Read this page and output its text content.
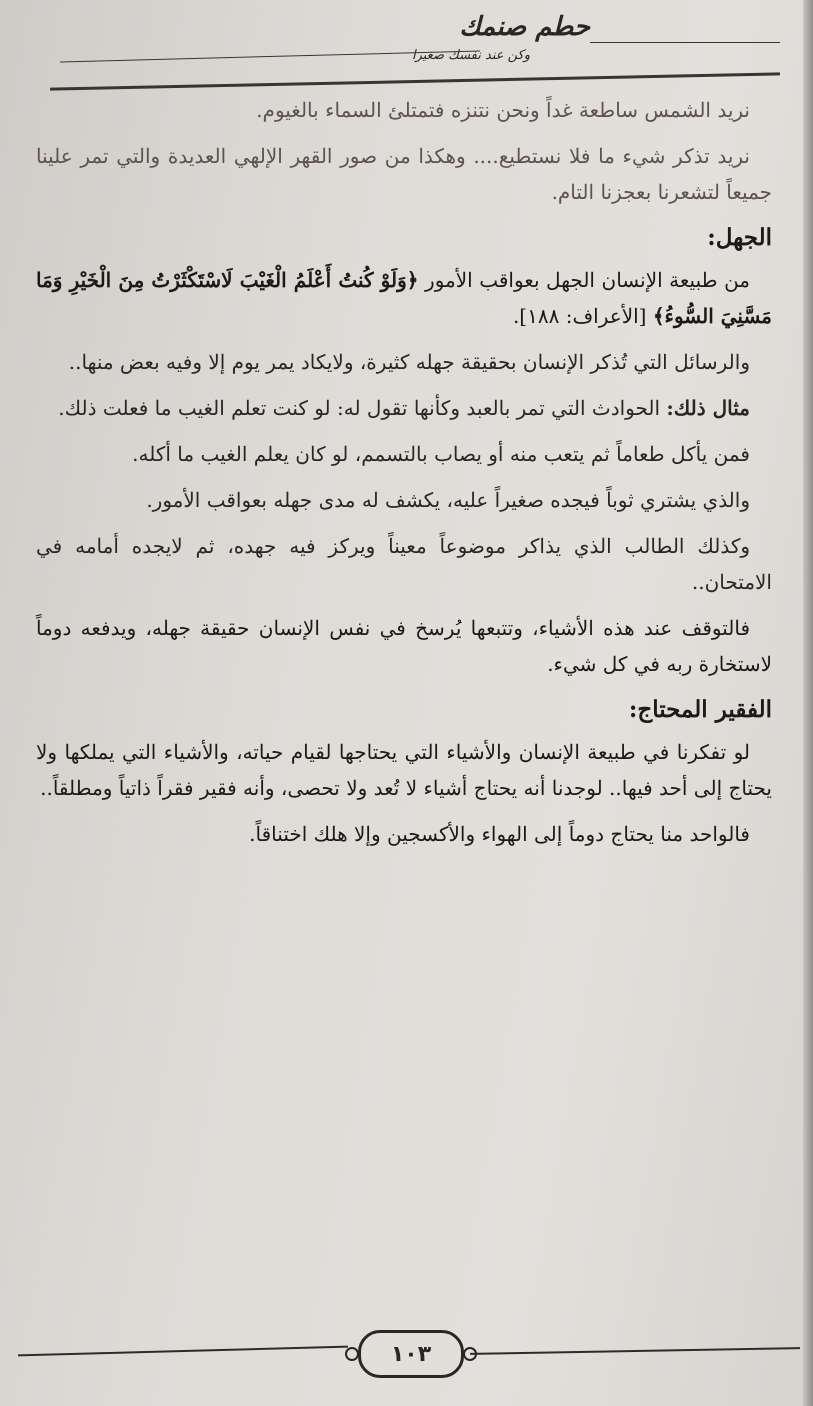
حطم صنمك
وكن عند نفسك صغيرا

نريد الشمس ساطعة غداً ونحن نتنزه فتمتلئ السماء بالغيوم.

نريد تذكر شيء ما فلا نستطيع.... وهكذا من صور القهر الإلهي العديدة والتي تمر علينا جميعاً لتشعرنا بعجزنا التام.

الجهل:

من طبيعة الإنسان الجهل بعواقب الأمور ﴿وَلَوْ كُنتُ أَعْلَمُ الْغَيْبَ لَاسْتَكْثَرْتُ مِنَ الْخَيْرِ وَمَا مَسَّنِيَ السُّوءُ﴾ [الأعراف: ١٨٨].

والرسائل التي تُذكر الإنسان بحقيقة جهله كثيرة، ولايكاد يمر يوم إلا وفيه بعض منها..

مثال ذلك: الحوادث التي تمر بالعبد وكأنها تقول له: لو كنت تعلم الغيب ما فعلت ذلك.

فمن يأكل طعاماً ثم يتعب منه أو يصاب بالتسمم، لو كان يعلم الغيب ما أكله.

والذي يشتري ثوباً فيجده صغيراً عليه، يكشف له مدى جهله بعواقب الأمور.

وكذلك الطالب الذي يذاكر موضوعاً معيناً ويركز فيه جهده، ثم لايجده أمامه في الامتحان..

فالتوقف عند هذه الأشياء، وتتبعها يُرسخ في نفس الإنسان حقيقة جهله، ويدفعه دوماً لاستخارة ربه في كل شيء.

الفقير المحتاج:

لو تفكرنا في طبيعة الإنسان والأشياء التي يحتاجها لقيام حياته، والأشياء التي يملكها ولا يحتاج إلى أحد فيها.. لوجدنا أنه يحتاج أشياء لا تُعد ولا تحصى، وأنه فقير فقراً ذاتياً ومطلقاً..

فالواحد منا يحتاج دوماً إلى الهواء والأكسجين وإلا هلك اختناقاً.

١٠٣
